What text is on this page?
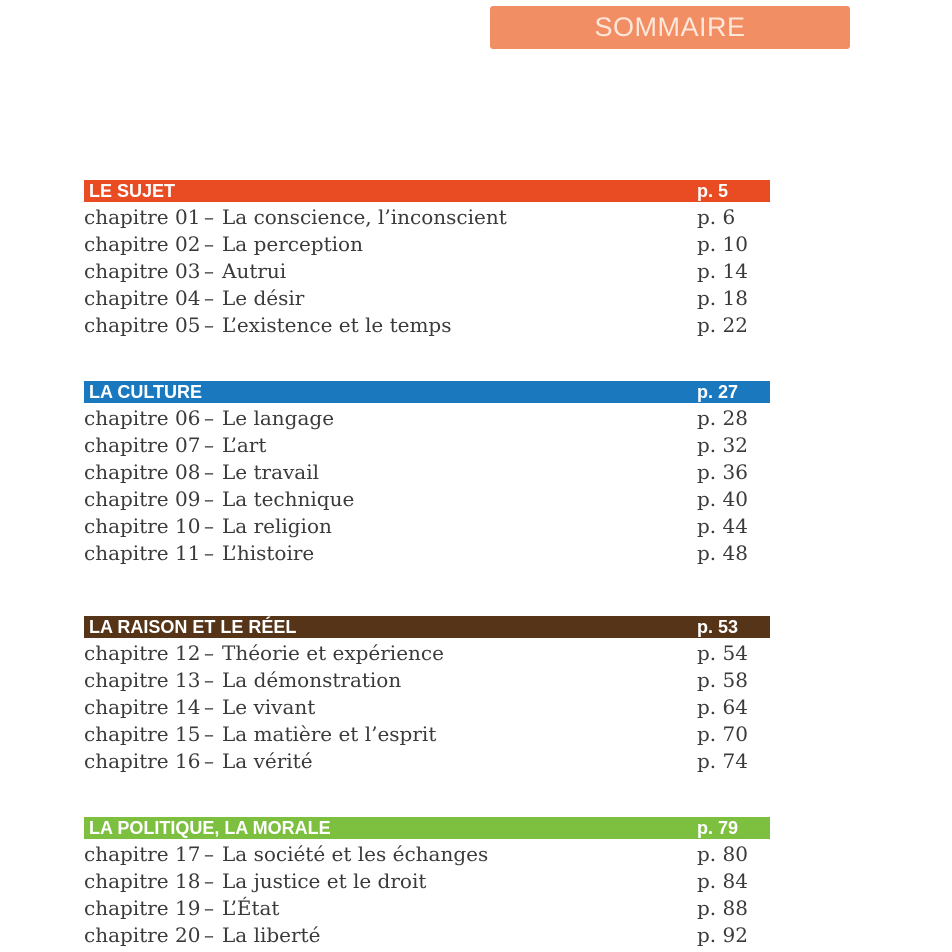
SOMMAIRE
LE SUJET	p. 5
chapitre 01 – La conscience, l’inconscient	p. 6
chapitre 02 – La perception	p. 10
chapitre 03 – Autrui	p. 14
chapitre 04 – Le désir	p. 18
chapitre 05 – L’existence et le temps	p. 22
LA CULTURE	p. 27
chapitre 06 – Le langage	p. 28
chapitre 07 – L’art	p. 32
chapitre 08 – Le travail	p. 36
chapitre 09 – La technique	p. 40
chapitre 10 – La religion	p. 44
chapitre 11 – L’histoire	p. 48
LA RAISON ET LE RÉEL	p. 53
chapitre 12 – Théorie et expérience	p. 54
chapitre 13 – La démonstration	p. 58
chapitre 14 – Le vivant	p. 64
chapitre 15 – La matière et l’esprit	p. 70
chapitre 16 – La vérité	p. 74
LA POLITIQUE, LA MORALE	p. 79
chapitre 17 – La société et les échanges	p. 80
chapitre 18 – La justice et le droit	p. 84
chapitre 19 – L’État	p. 88
chapitre 20 – La liberté	p. 92
